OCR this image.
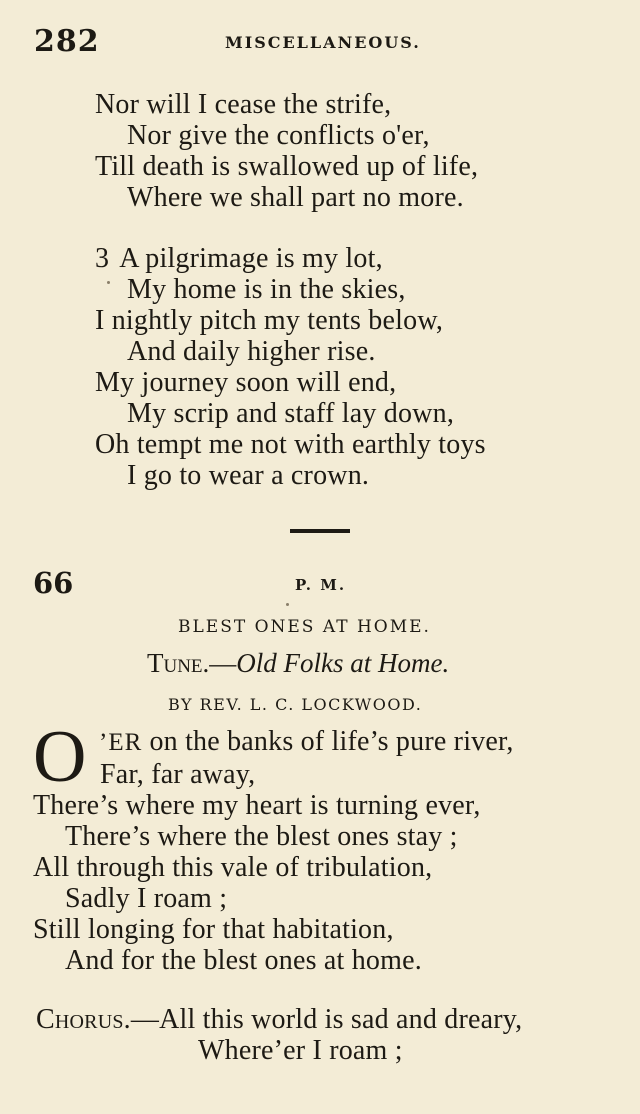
282	MISCELLANEOUS.
Nor will I cease the strife,
Nor give the conflicts o'er,
Till death is swallowed up of life,
Where we shall part no more.
3 A pilgrimage is my lot,
My home is in the skies,
I nightly pitch my tents below,
And daily higher rise.
My journey soon will end,
My scrip and staff lay down,
Oh tempt me not with earthly toys
I go to wear a crown.
66	P. M.
BLEST ONES AT HOME.
Tune.—Old Folks at Home.
BY REV. L. C. LOCKWOOD.
O ’ER on the banks of life’s pure river,
Far, far away,
There’s where my heart is turning ever,
There’s where the blest ones stay ;
All through this vale of tribulation,
Sadly I roam ;
Still longing for that habitation,
And for the blest ones at home.
Chorus.—All this world is sad and dreary,
Where’er I roam ;
